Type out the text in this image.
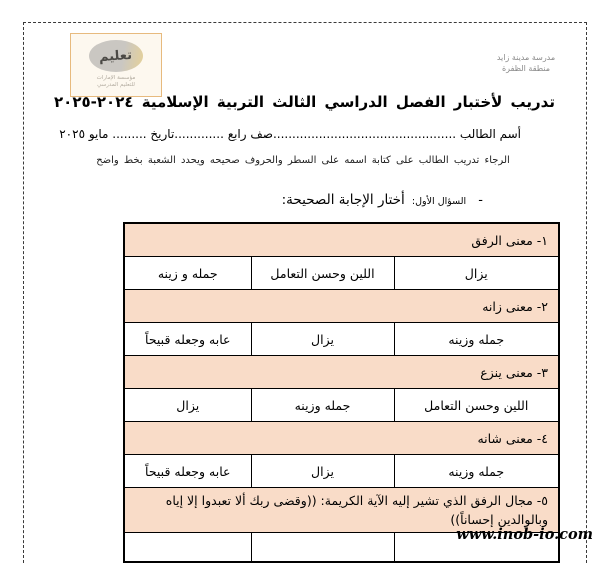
تعليم
مؤسسة الإمارات
للتعليم المدرسي
مدرسة مدينة زايد
منطقة الظفرة
تدريب لأختبار الفصل الدراسي الثالث التربية الإسلامية ٢٠٢٤-٢٠٢٥
أسم الطالب ................................................صف رابع .............تاريخ ......... مايو ٢٠٢٥
الرجاء تدريب الطالب على كتابة اسمه على السطر والحروف صحيحه ويحدد الشعبة بخط واضح
- السؤال الأول: أختار الإجابة الصحيحة:
١- معنى الرفق		
يزال	اللين وحسن التعامل	جمله و زينه
٢- معنى زانه		
جمله وزينه	يزال	عابه وجعله قبيحاً
٣- معنى ينزع		
اللين وحسن التعامل	جمله وزينه	يزال
٤- معنى شانه		
جمله وزينه	يزال	عابه وجعله قبيحاً
٥- مجال الرفق الذي تشير إليه الآية الكريمة: ((وقضى ربك ألا تعبدوا إلا إياه وبالوالدين إحساناً))		

www.inob-io.com
